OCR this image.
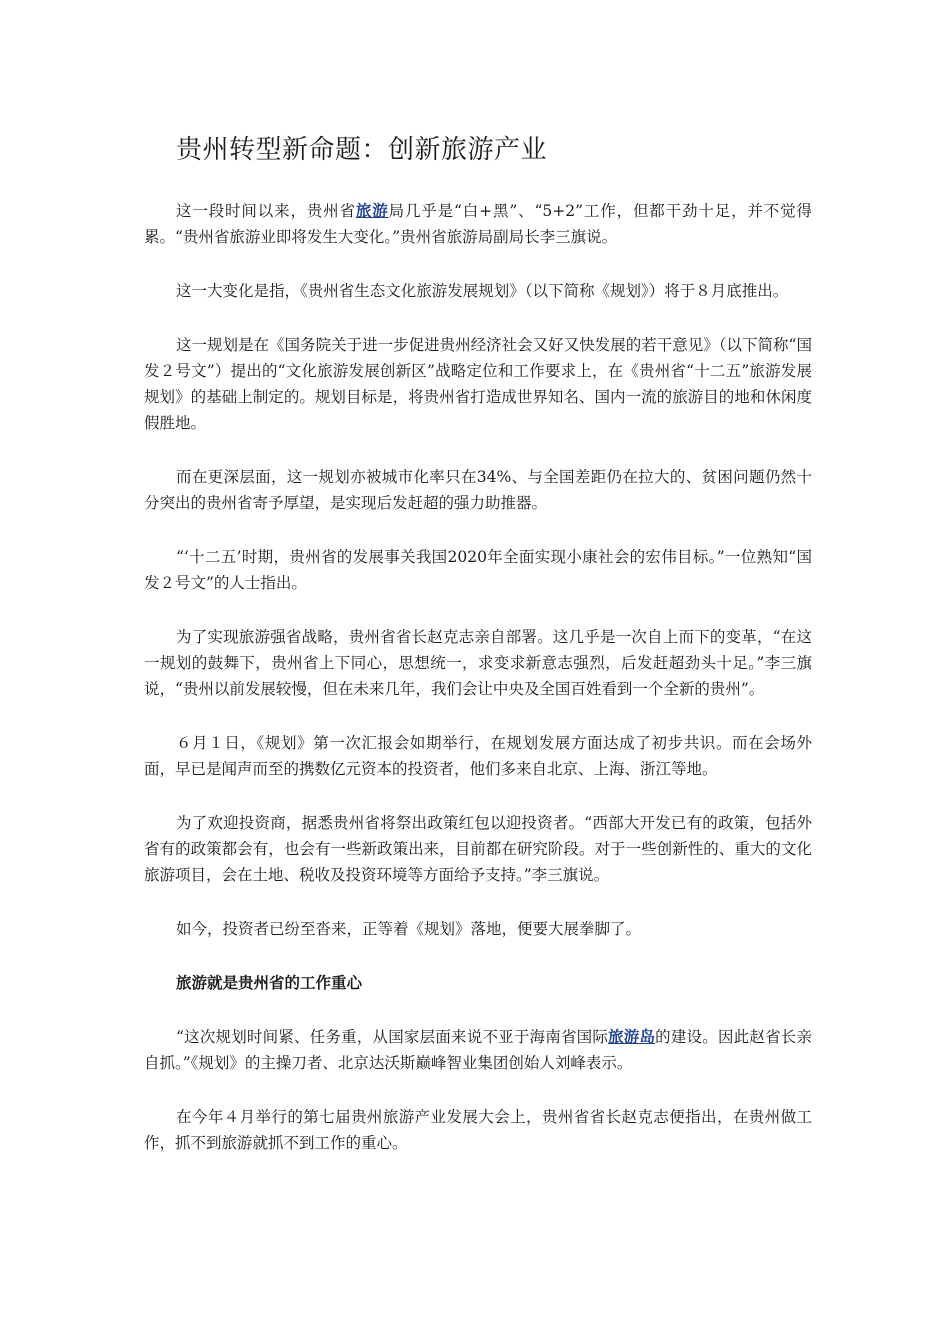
贵州转型新命题：创新旅游产业

这一段时间以来，贵州省旅游局几乎是“白+黑”、“5+2”工作，但都干劲十足，并不觉得累。“贵州省旅游业即将发生大变化。”贵州省旅游局副局长李三旗说。

这一大变化是指，《贵州省生态文化旅游发展规划》（以下简称《规划》）将于８月底推出。

这一规划是在《国务院关于进一步促进贵州经济社会又好又快发展的若干意见》（以下简称“国发２号文”）提出的“文化旅游发展创新区”战略定位和工作要求上，在《贵州省“十二五”旅游发展规划》的基础上制定的。规划目标是，将贵州省打造成世界知名、国内一流的旅游目的地和休闲度假胜地。

而在更深层面，这一规划亦被城市化率只在34%、与全国差距仍在拉大的、贫困问题仍然十分突出的贵州省寄予厚望，是实现后发赶超的强力助推器。

“‘十二五’时期，贵州省的发展事关我国2020年全面实现小康社会的宏伟目标。”一位熟知“国发２号文”的人士指出。

为了实现旅游强省战略，贵州省省长赵克志亲自部署。这几乎是一次自上而下的变革，“在这一规划的鼓舞下，贵州省上下同心，思想统一，求变求新意志强烈，后发赶超劲头十足。”李三旗说，“贵州以前发展较慢，但在未来几年，我们会让中央及全国百姓看到一个全新的贵州”。

６月１日，《规划》第一次汇报会如期举行，在规划发展方面达成了初步共识。而在会场外面，早已是闻声而至的携数亿元资本的投资者，他们多来自北京、上海、浙江等地。

为了欢迎投资商，据悉贵州省将祭出政策红包以迎投资者。“西部大开发已有的政策，包括外省有的政策都会有，也会有一些新政策出来，目前都在研究阶段。对于一些创新性的、重大的文化旅游项目，会在土地、税收及投资环境等方面给予支持。”李三旗说。

如今，投资者已纷至沓来，正等着《规划》落地，便要大展拳脚了。

旅游就是贵州省的工作重心

“这次规划时间紧、任务重，从国家层面来说不亚于海南省国际旅游岛的建设。因此赵省长亲自抓。”《规划》的主操刀者、北京达沃斯巅峰智业集团创始人刘峰表示。

在今年４月举行的第七届贵州旅游产业发展大会上，贵州省省长赵克志便指出，在贵州做工作，抓不到旅游就抓不到工作的重心。
